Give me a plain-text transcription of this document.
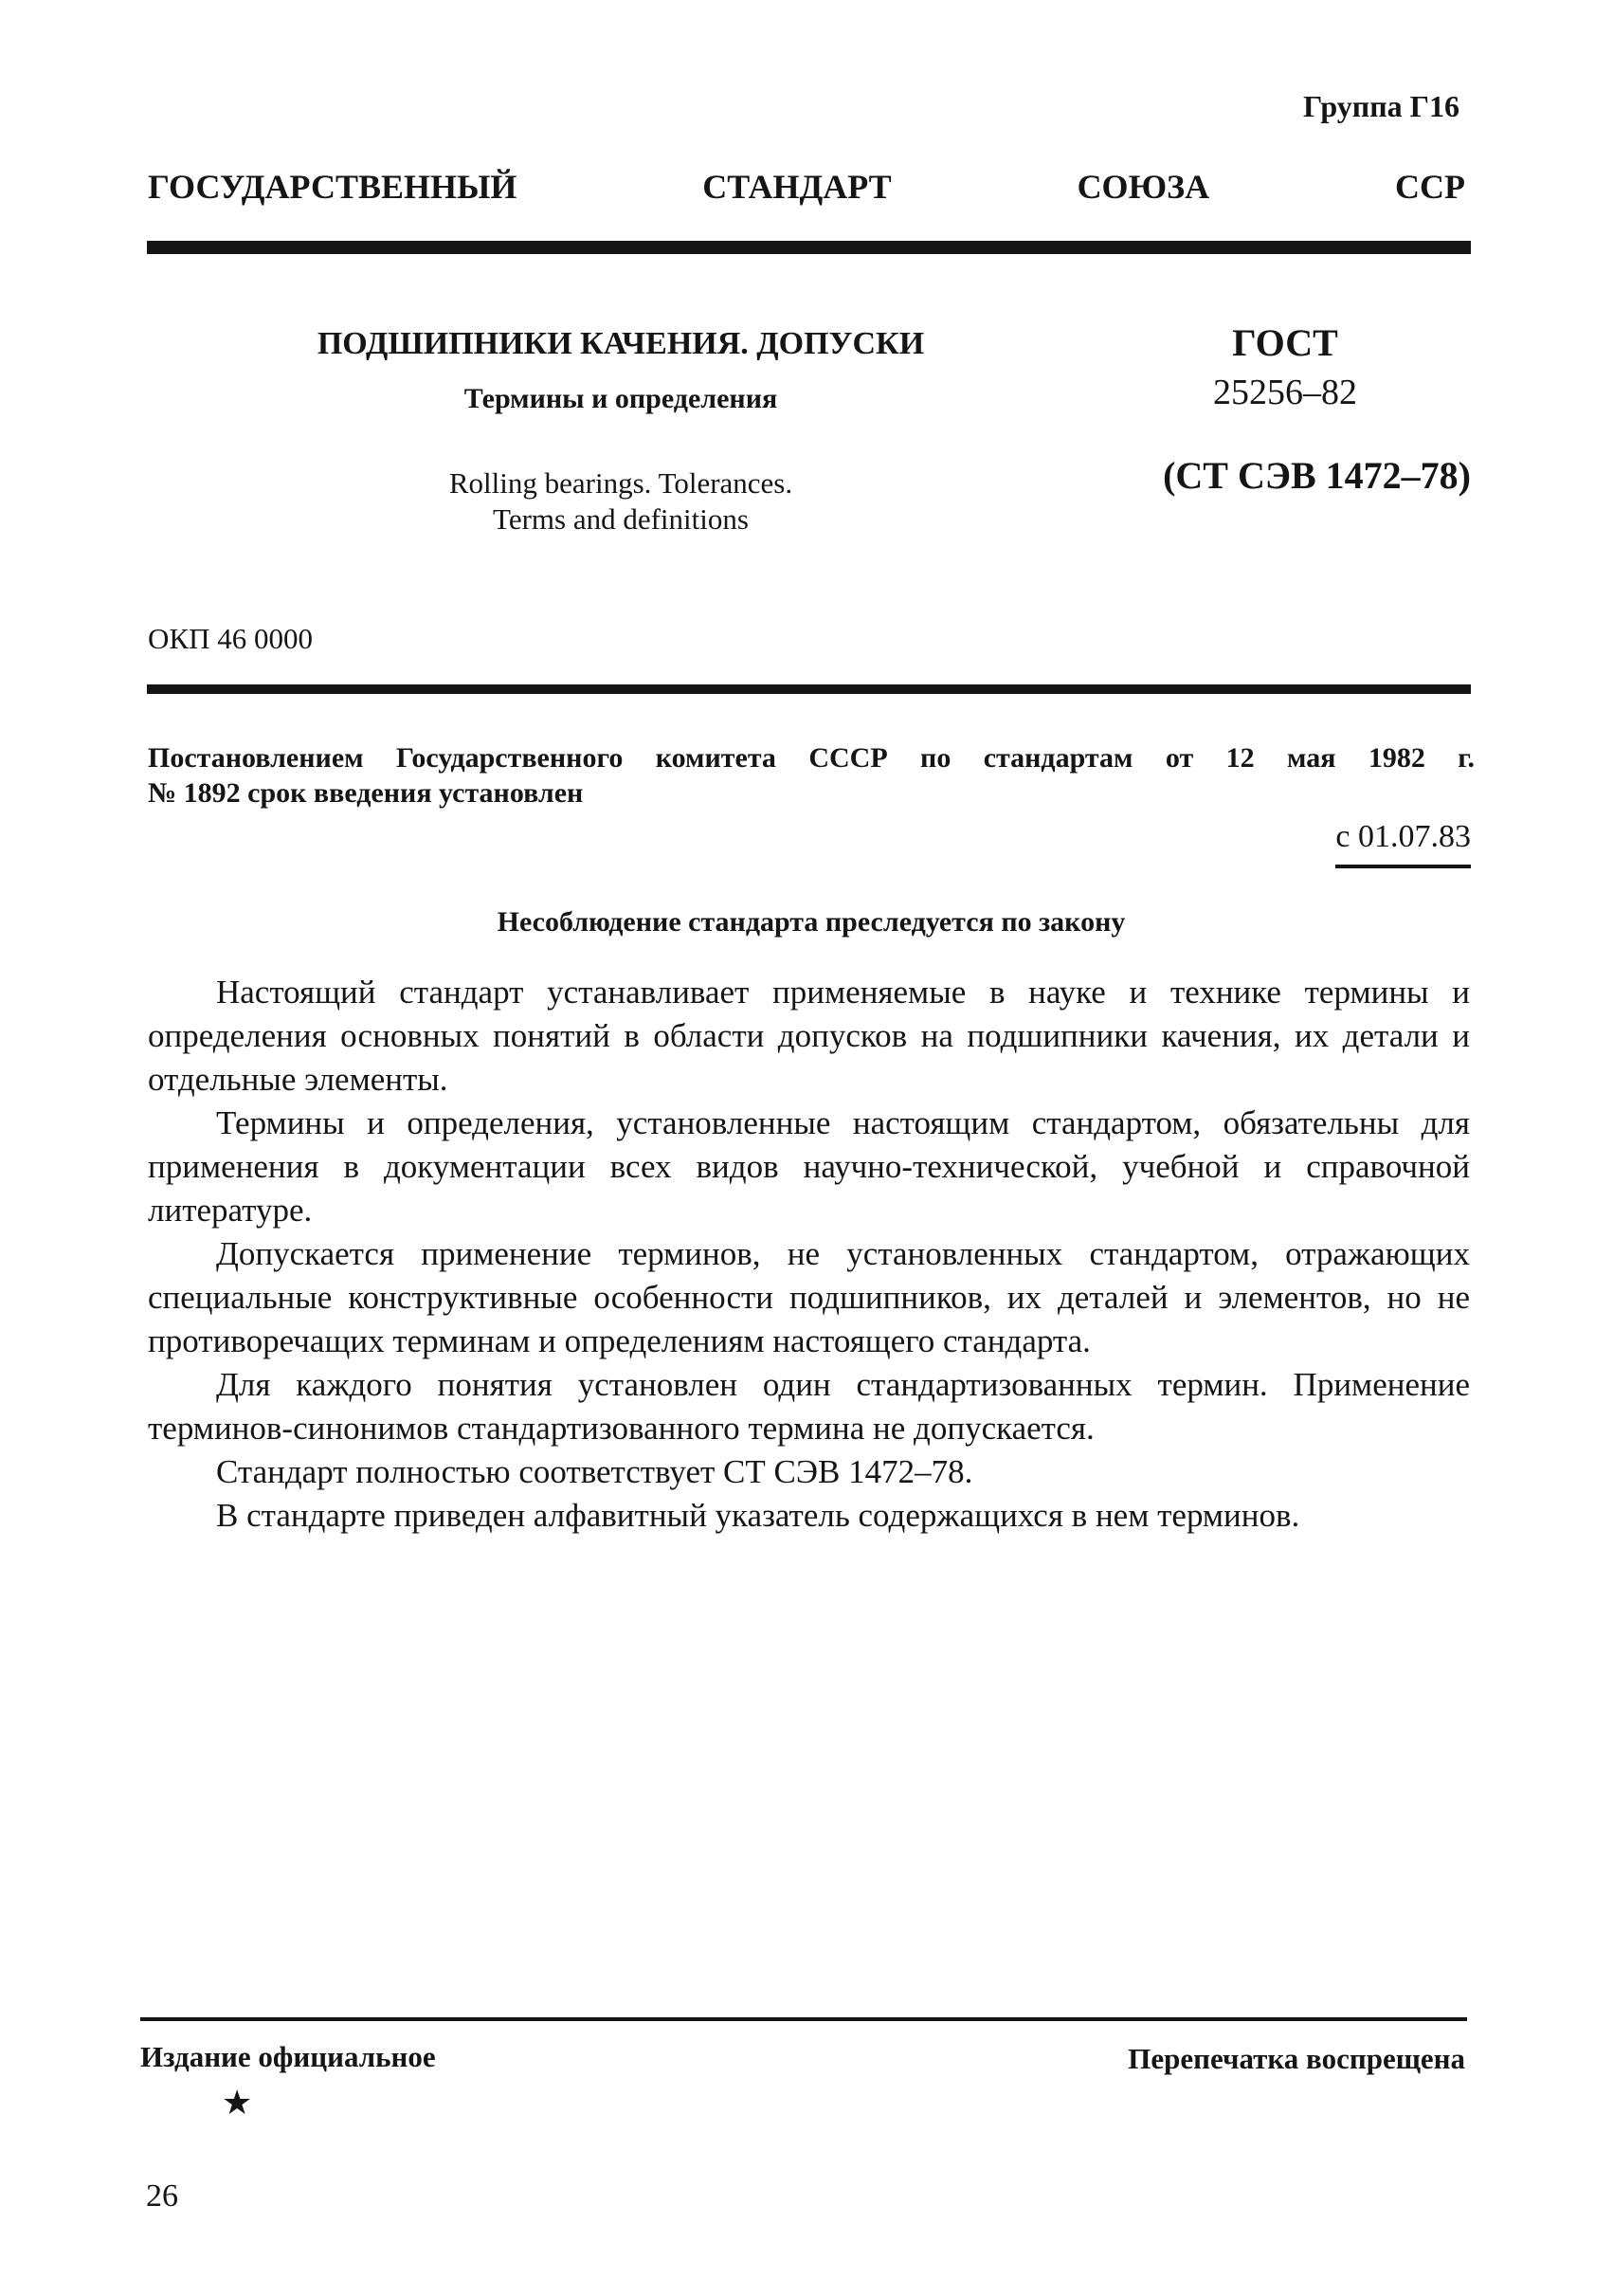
Группа Г16
ГОСУДАРСТВЕННЫЙ	СТАНДАРТ	СОЮЗА	ССР
ПОДШИПНИКИ КАЧЕНИЯ. ДОПУСКИ
Термины и определения
Rolling bearings. Tolerances.
Terms and definitions
ГОСТ
25256–82
(СТ СЭВ 1472–78)
ОКП 46 0000
Постановлением Государственного комитета СССР по стандартам от 12 мая 1982 г.
№ 1892 срок введения установлен
с 01.07.83
Несоблюдение стандарта преследуется по закону

Настоящий стандарт устанавливает применяемые в науке и технике термины и определения основных понятий в области допусков на подшипники качения, их детали и отдельные элементы.

Термины и определения, установленные настоящим стандартом, обязательны для применения в документации всех видов научно-технической, учебной и справочной литературе.

Допускается применение терминов, не установленных стандартом, отражающих специальные конструктивные особенности подшипников, их деталей и элементов, но не противоречащих терминам и определениям настоящего стандарта.

Для каждого понятия установлен один стандартизованных термин. Применение терминов-синонимов стандартизованного термина не допускается.

Стандарт полностью соответствует СТ СЭВ 1472–78.

В стандарте приведен алфавитный указатель содержащихся в нем терминов.

Издание официальное	Перепечатка воспрещена
★
26
